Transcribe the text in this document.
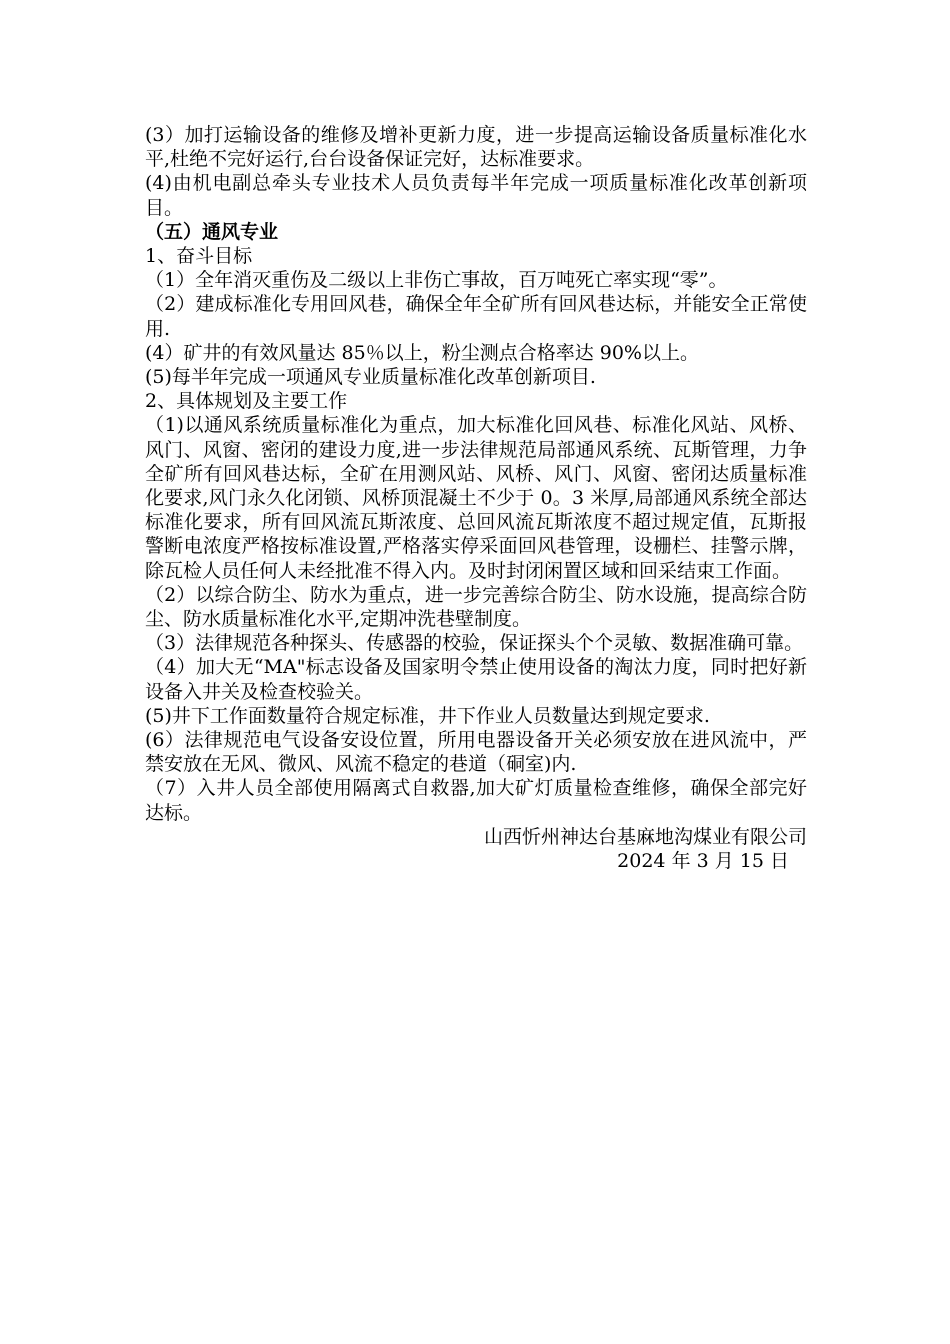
(3）加打运输设备的维修及增补更新力度，进一步提高运输设备质量标准化水平,杜绝不完好运行,台台设备保证完好，达标准要求。

(4)由机电副总牵头专业技术人员负责每半年完成一项质量标准化改革创新项目。

（五）通风专业

1、奋斗目标

（1）全年消灭重伤及二级以上非伤亡事故，百万吨死亡率实现“零”。

（2）建成标准化专用回风巷，确保全年全矿所有回风巷达标，并能安全正常使用.

(4）矿井的有效风量达 85％以上，粉尘测点合格率达 90%以上。

(5)每半年完成一项通风专业质量标准化改革创新项目.

2、具体规划及主要工作

（1)以通风系统质量标准化为重点，加大标准化回风巷、标准化风站、风桥、风门、风窗、密闭的建设力度,进一步法律规范局部通风系统、瓦斯管理，力争全矿所有回风巷达标，全矿在用测风站、风桥、风门、风窗、密闭达质量标准化要求,风门永久化闭锁、风桥顶混凝土不少于 0。3 米厚,局部通风系统全部达标准化要求，所有回风流瓦斯浓度、总回风流瓦斯浓度不超过规定值，瓦斯报警断电浓度严格按标准设置,严格落实停采面回风巷管理，设栅栏、挂警示牌，除瓦检人员任何人未经批准不得入内。及时封闭闲置区域和回采结束工作面。

（2）以综合防尘、防水为重点，进一步完善综合防尘、防水设施，提高综合防尘、防水质量标准化水平,定期冲洗巷壁制度。

（3）法律规范各种探头、传感器的校验，保证探头个个灵敏、数据准确可靠。

（4）加大无“MA"标志设备及国家明令禁止使用设备的淘汰力度，同时把好新设备入井关及检查校验关。

(5)井下工作面数量符合规定标准，井下作业人员数量达到规定要求.

(6）法律规范电气设备安设位置，所用电器设备开关必须安放在进风流中，严禁安放在无风、微风、风流不稳定的巷道（硐室)内.

（7）入井人员全部使用隔离式自救器,加大矿灯质量检查维修，确保全部完好达标。

山西忻州神达台基麻地沟煤业有限公司

2024 年 3 月 15 日
